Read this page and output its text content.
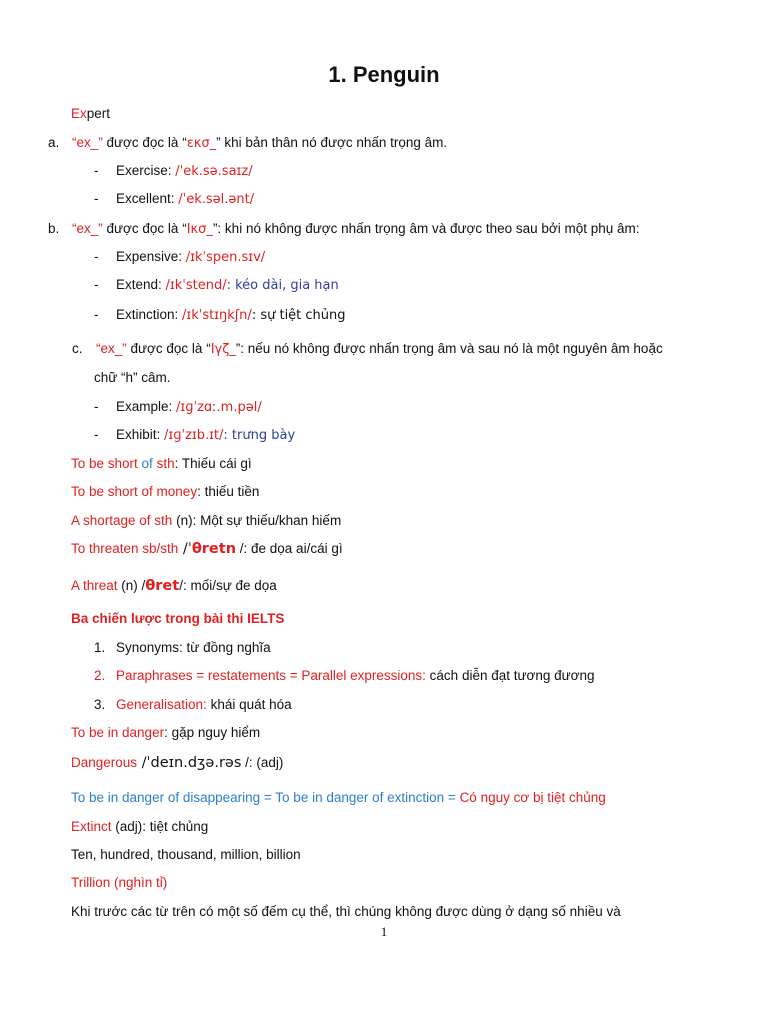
1. Penguin
Expert
a. “ex_” được đọc là “ɛκσ_” khi bản thân nó được nhấn trọng âm.
- Exercise: /ˈek.sə.saɪz/
- Excellent: /ˈek.səl.ənt/
b. “ex_” được đọc là “Ικσ_”: khi nó không được nhấn trọng âm và được theo sau bởi một phụ âm:
- Expensive: /ɪkˈspen.sɪv/
- Extend: /ɪkˈstend/: kéo dài, gia hạn
- Extinction: /ɪkˈstɪŋkʃn/: sự tiệt chủng
c. “ex_” được đọc là “Ιγζ_”: nếu nó không được nhấn trọng âm và sau nó là một nguyên âm hoặc
chữ “h” câm.
- Example: /ɪɡˈzɑː.m.pəl/
- Exhibit: /ɪɡˈzɪb.ɪt/: trưng bày
To be short of sth: Thiếu cái gì
To be short of money: thiếu tiền
A shortage of sth (n): Một sự thiếu/khan hiếm
To threaten sb/sth /ˈθretn /: đe dọa ai/cái gì
A threat (n) /θret/: mối/sự đe dọa
Ba chiến lược trong bài thi IELTS
1. Synonyms: từ đồng nghĩa
2. Paraphrases = restatements = Parallel expressions: cách diễn đạt tương đương
3. Generalisation: khái quát hóa
To be in danger: gặp nguy hiểm
Dangerous /ˈdeɪn.dʒə.rəs /: (adj)
To be in danger of disappearing = To be in danger of extinction = Có nguy cơ bị tiệt chủng
Extinct (adj): tiệt chủng
Ten, hundred, thousand, million, billion
Trillion (nghìn tỉ)
Khi trước các từ trên có một số đếm cụ thể, thì chúng không được dùng ở dạng số nhiều và
1
